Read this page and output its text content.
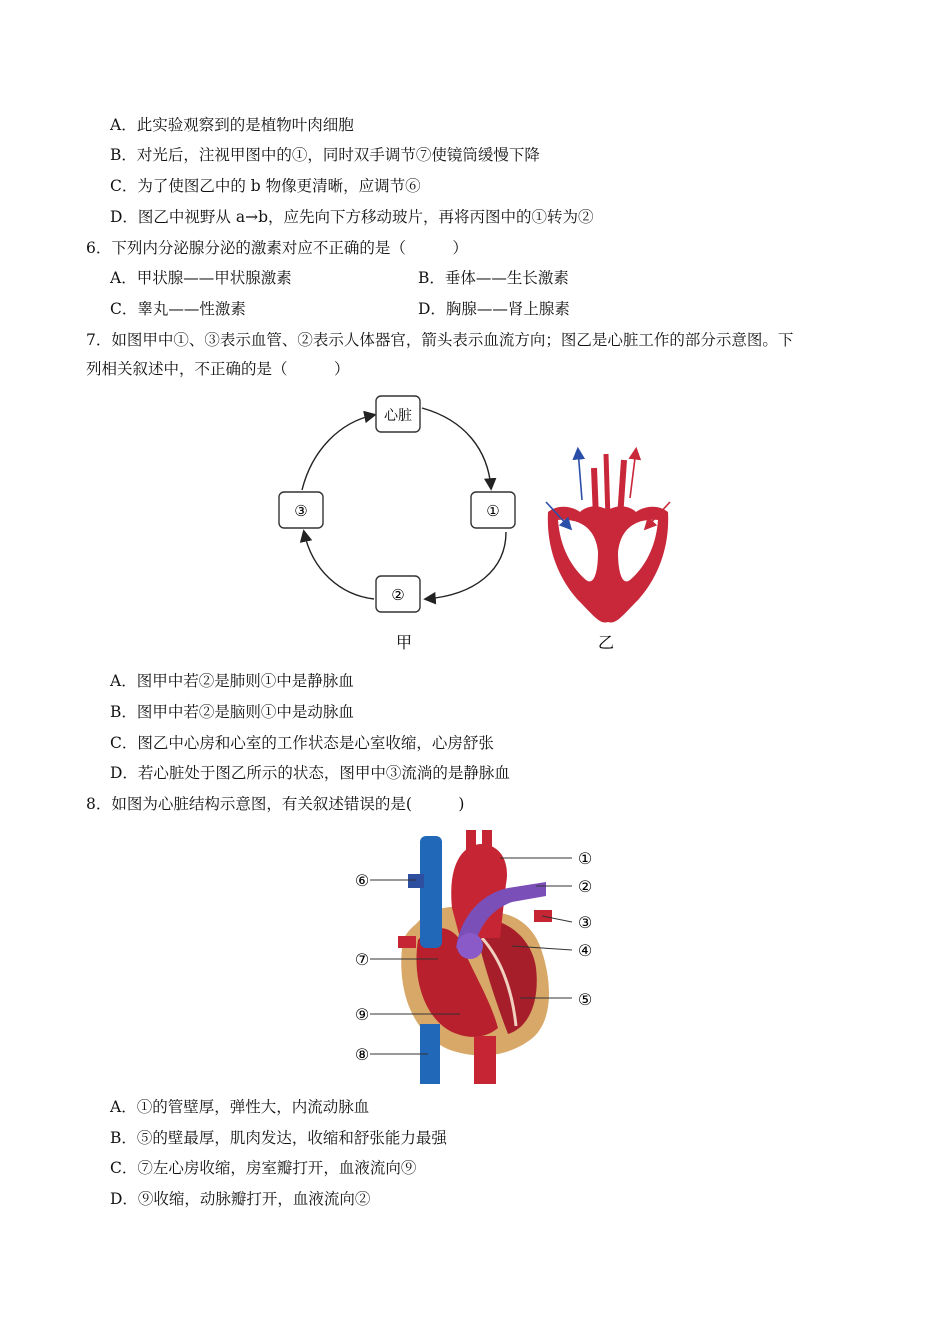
A．此实验观察到的是植物叶肉细胞
B．对光后，注视甲图中的①，同时双手调节⑦使镜筒缓慢下降
C．为了使图乙中的 b 物像更清晰，应调节⑥
D．图乙中视野从 a→b，应先向下方移动玻片，再将丙图中的①转为②
6．下列内分泌腺分泌的激素对应不正确的是（　　　）
A．甲状腺——甲状腺激素	B．垂体——生长激素
C．睾丸——性激素	D．胸腺——肾上腺素
7．如图甲中①、③表示血管、②表示人体器官，箭头表示血流方向；图乙是心脏工作的部分示意图。下
列相关叙述中，不正确的是（　　　）
心脏
①
②
③
甲	乙
A．图甲中若②是肺则①中是静脉血
B．图甲中若②是脑则①中是动脉血
C．图乙中心房和心室的工作状态是心室收缩，心房舒张
D．若心脏处于图乙所示的状态，图甲中③流淌的是静脉血
8．如图为心脏结构示意图，有关叙述错误的是(　　　)
①
②
③
④
⑤
⑥
⑦
⑧
⑨
A．①的管壁厚，弹性大，内流动脉血
B．⑤的壁最厚，肌肉发达，收缩和舒张能力最强
C．⑦左心房收缩，房室瓣打开，血液流向⑨
D．⑨收缩，动脉瓣打开，血液流向②
